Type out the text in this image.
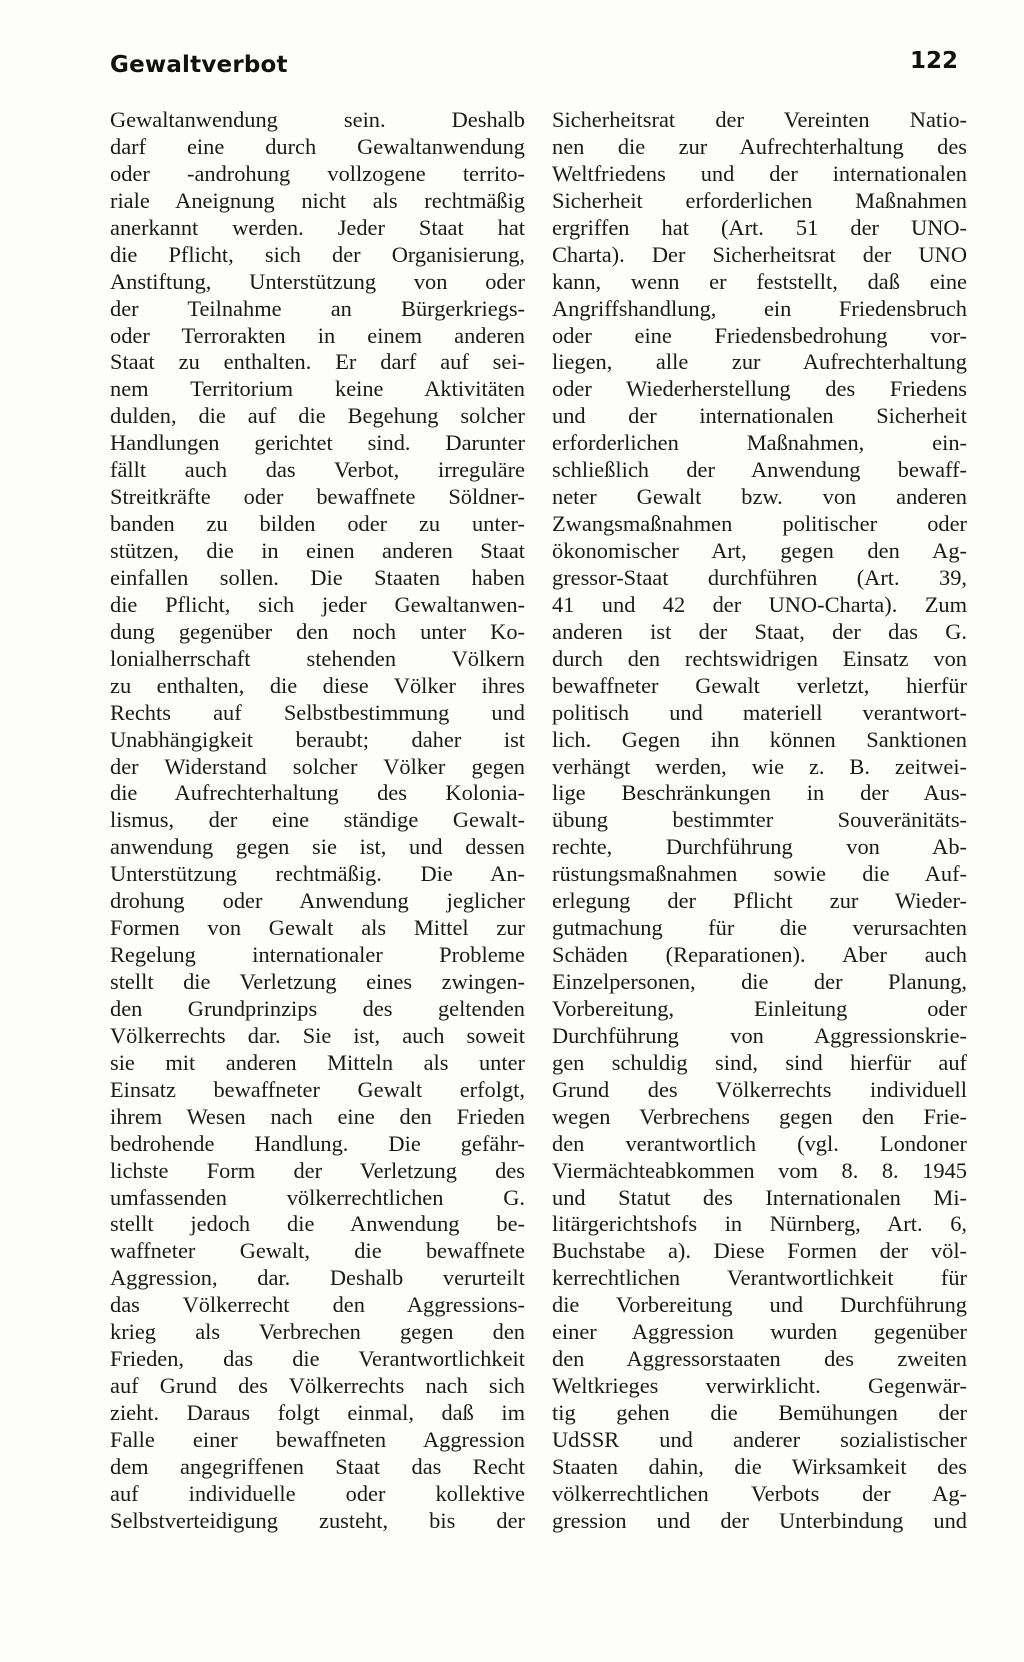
Gewaltverbot	122
Gewaltanwendung sein. Deshalb
darf eine durch Gewaltanwendung
oder -androhung vollzogene territo-
riale Aneignung nicht als rechtmäßig
anerkannt werden. Jeder Staat hat
die Pflicht, sich der Organisierung,
Anstiftung, Unterstützung von oder
der Teilnahme an Bürgerkriegs-
oder Terrorakten in einem anderen
Staat zu enthalten. Er darf auf sei-
nem Territorium keine Aktivitäten
dulden, die auf die Begehung solcher
Handlungen gerichtet sind. Darunter
fällt auch das Verbot, irreguläre
Streitkräfte oder bewaffnete Söldner-
banden zu bilden oder zu unter-
stützen, die in einen anderen Staat
einfallen sollen. Die Staaten haben
die Pflicht, sich jeder Gewaltanwen-
dung gegenüber den noch unter Ko-
lonialherrschaft stehenden Völkern
zu enthalten, die diese Völker ihres
Rechts auf Selbstbestimmung und
Unabhängigkeit beraubt; daher ist
der Widerstand solcher Völker gegen
die Aufrechterhaltung des Kolonia-
lismus, der eine ständige Gewalt-
anwendung gegen sie ist, und dessen
Unterstützung rechtmäßig. Die An-
drohung oder Anwendung jeglicher
Formen von Gewalt als Mittel zur
Regelung internationaler Probleme
stellt die Verletzung eines zwingen-
den Grundprinzips des geltenden
Völkerrechts dar. Sie ist, auch soweit
sie mit anderen Mitteln als unter
Einsatz bewaffneter Gewalt erfolgt,
ihrem Wesen nach eine den Frieden
bedrohende Handlung. Die gefähr-
lichste Form der Verletzung des
umfassenden völkerrechtlichen G.
stellt jedoch die Anwendung be-
waffneter Gewalt, die bewaffnete
Aggression, dar. Deshalb verurteilt
das Völkerrecht den Aggressions-
krieg als Verbrechen gegen den
Frieden, das die Verantwortlichkeit
auf Grund des Völkerrechts nach sich
zieht. Daraus folgt einmal, daß im
Falle einer bewaffneten Aggression
dem angegriffenen Staat das Recht
auf individuelle oder kollektive
Selbstverteidigung zusteht, bis der
Sicherheitsrat der Vereinten Natio-
nen die zur Aufrechterhaltung des
Weltfriedens und der internationalen
Sicherheit erforderlichen Maßnahmen
ergriffen hat (Art. 51 der UNO-
Charta). Der Sicherheitsrat der UNO
kann, wenn er feststellt, daß eine
Angriffshandlung, ein Friedensbruch
oder eine Friedensbedrohung vor-
liegen, alle zur Aufrechterhaltung
oder Wiederherstellung des Friedens
und der internationalen Sicherheit
erforderlichen Maßnahmen, ein-
schließlich der Anwendung bewaff-
neter Gewalt bzw. von anderen
Zwangsmaßnahmen politischer oder
ökonomischer Art, gegen den Ag-
gressor-Staat durchführen (Art. 39,
41 und 42 der UNO-Charta). Zum
anderen ist der Staat, der das G.
durch den rechtswidrigen Einsatz von
bewaffneter Gewalt verletzt, hierfür
politisch und materiell verantwort-
lich. Gegen ihn können Sanktionen
verhängt werden, wie z. B. zeitwei-
lige Beschränkungen in der Aus-
übung bestimmter Souveränitäts-
rechte, Durchführung von Ab-
rüstungsmaßnahmen sowie die Auf-
erlegung der Pflicht zur Wieder-
gutmachung für die verursachten
Schäden (Reparationen). Aber auch
Einzelpersonen, die der Planung,
Vorbereitung, Einleitung oder
Durchführung von Aggressionskrie-
gen schuldig sind, sind hierfür auf
Grund des Völkerrechts individuell
wegen Verbrechens gegen den Frie-
den verantwortlich (vgl. Londoner
Viermächteabkommen vom 8. 8. 1945
und Statut des Internationalen Mi-
litärgerichtshofs in Nürnberg, Art. 6,
Buchstabe a). Diese Formen der völ-
kerrechtlichen Verantwortlichkeit für
die Vorbereitung und Durchführung
einer Aggression wurden gegenüber
den Aggressorstaaten des zweiten
Weltkrieges verwirklicht. Gegenwär-
tig gehen die Bemühungen der
UdSSR und anderer sozialistischer
Staaten dahin, die Wirksamkeit des
völkerrechtlichen Verbots der Ag-
gression und der Unterbindung und
